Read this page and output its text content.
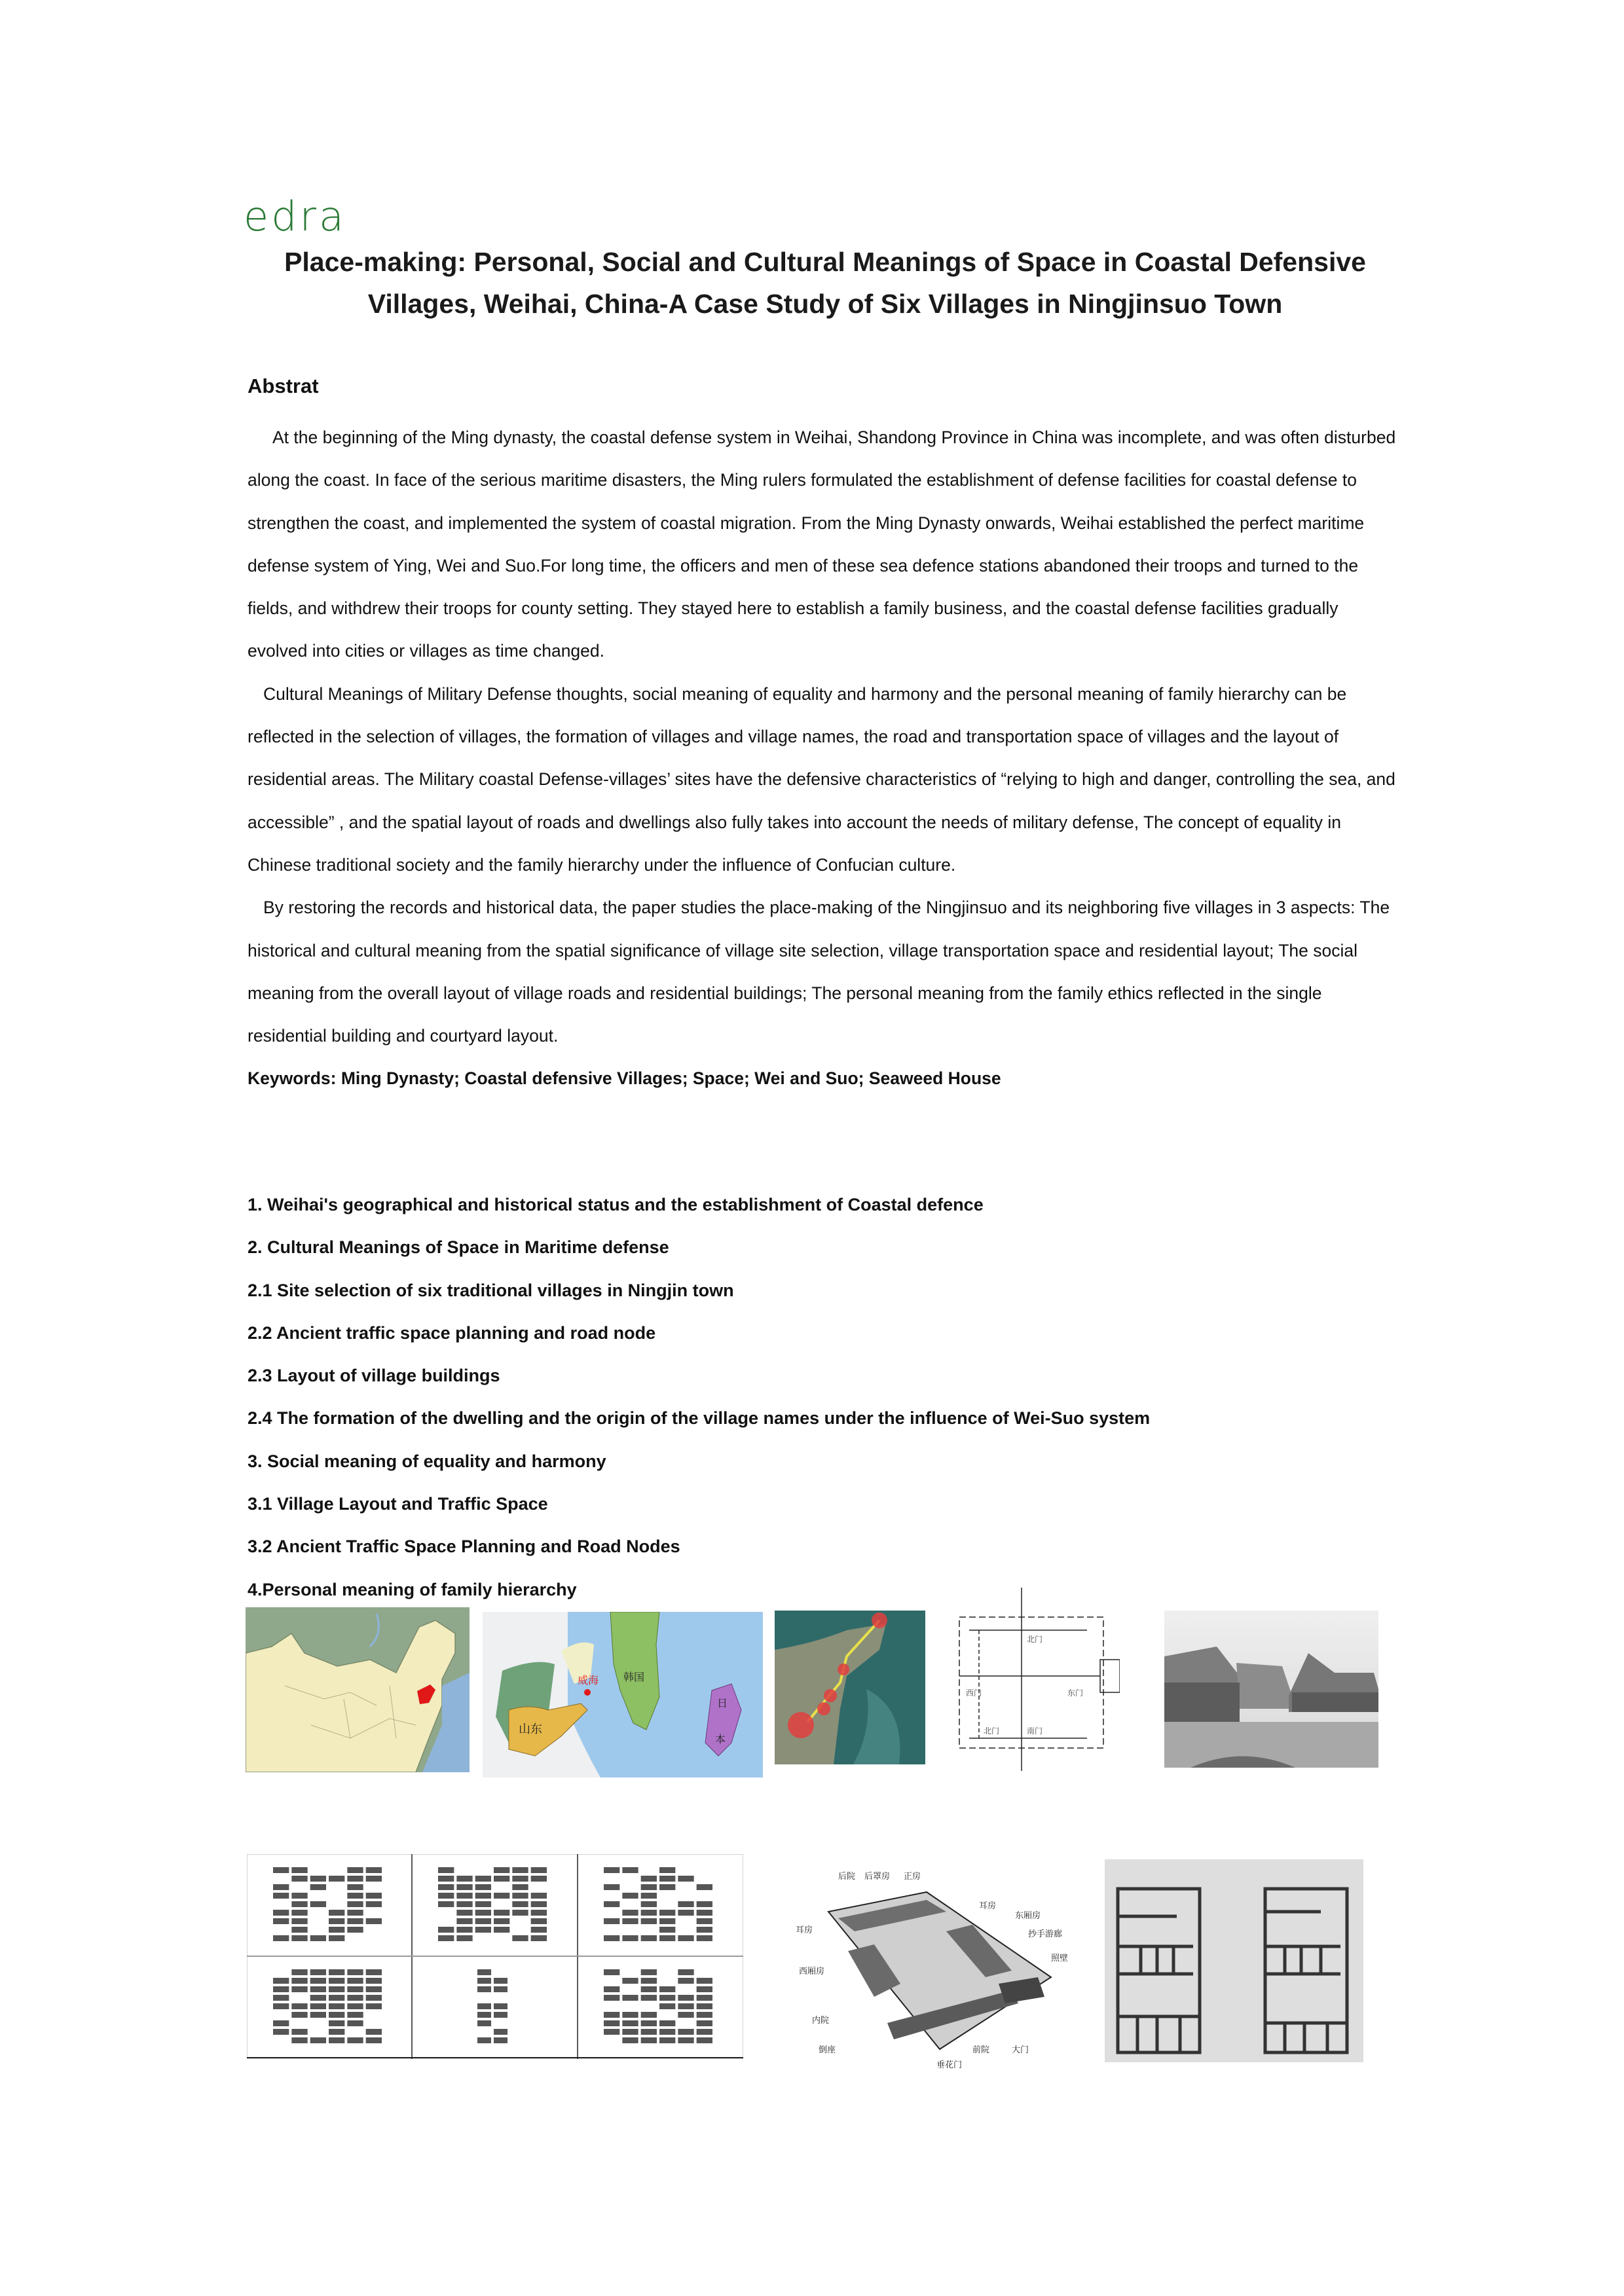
edra
Place-making: Personal, Social and Cultural Meanings of Space in Coastal Defensive
Villages, Weihai, China-A Case Study of Six Villages in Ningjinsuo Town
Abstrat

At the beginning of the Ming dynasty, the coastal defense system in Weihai, Shandong Province in China was incomplete, and was often disturbed along the coast. In face of the serious maritime disasters, the Ming rulers formulated the establishment of defense facilities for coastal defense to strengthen the coast, and implemented the system of coastal migration. From the Ming Dynasty onwards, Weihai established the perfect maritime defense system of Ying, Wei and Suo.For long time, the officers and men of these sea defence stations abandoned their troops and turned to the fields, and withdrew their troops for county setting. They stayed here to establish a family business, and the coastal defense facilities gradually evolved into cities or villages as time changed.

Cultural Meanings of Military Defense thoughts, social meaning of equality and harmony and the personal meaning of family hierarchy can be reflected in the selection of villages, the formation of villages and village names, the road and transportation space of villages and the layout of residential areas. The Military coastal Defense-villages’ sites have the defensive characteristics of “relying to high and danger, controlling the sea, and accessible” , and the spatial layout of roads and dwellings also fully takes into account the needs of military defense, The concept of equality in Chinese traditional society and the family hierarchy under the influence of Confucian culture.

By restoring the records and historical data, the paper studies the place-making of the Ningjinsuo and its neighboring five villages in 3 aspects: The historical and cultural meaning from the spatial significance of village site selection, village transportation space and residential layout; The social meaning from the overall layout of village roads and residential buildings; The personal meaning from the family ethics reflected in the single residential building and courtyard layout.

Keywords: Ming Dynasty; Coastal defensive Villages; Space; Wei and Suo; Seaweed House

1. Weihai's geographical and historical status and the establishment of Coastal defence
2. Cultural Meanings of Space in Maritime defense
2.1 Site selection of six traditional villages in Ningjin town
2.2 Ancient traffic space planning and road node
2.3 Layout of village buildings
2.4 The formation of the dwelling and the origin of the village names under the influence of Wei-Suo system
3. Social meaning of equality and harmony
3.1 Village Layout and Traffic Space
3.2 Ancient Traffic Space Planning and Road Nodes
4.Personal meaning of family hierarchy
山东
威海 韩国
日
本
北门
西门	东门
南门
北门
后院 后罩房 正房
耳房
东厢房
耳房	抄手游廊
照壁
西厢房
内院
倒座
垂花门
前院	大门
